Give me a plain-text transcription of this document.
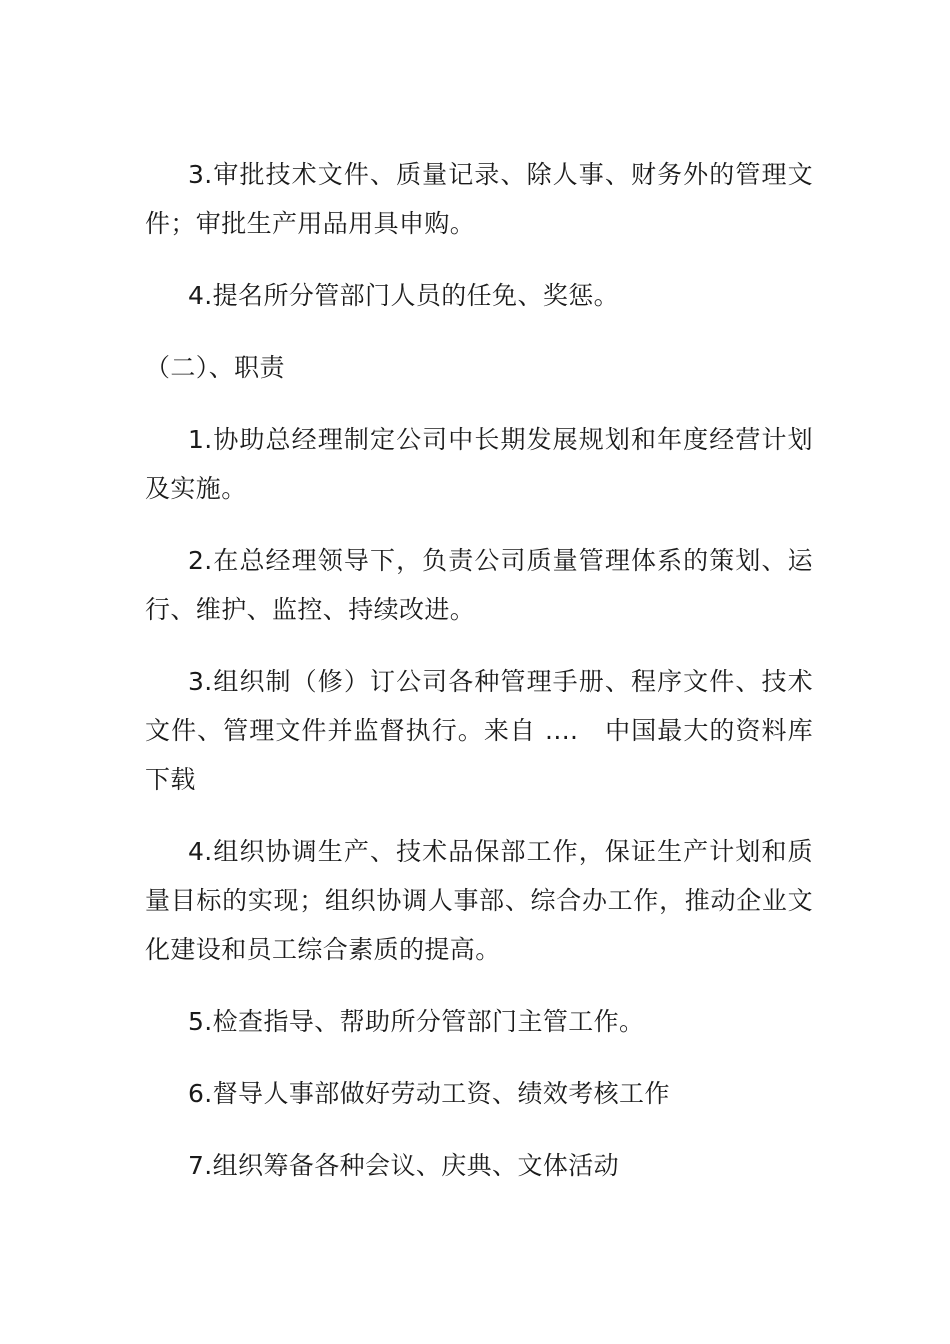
3.审批技术文件、质量记录、除人事、财务外的管理文件；审批生产用品用具申购。

4.提名所分管部门人员的任免、奖惩。

（二）、职责

1.协助总经理制定公司中长期发展规划和年度经营计划及实施。

2.在总经理领导下，负责公司质量管理体系的策划、运行、维护、监控、持续改进。

3.组织制（修）订公司各种管理手册、程序文件、技术文件、管理文件并监督执行。来自 ....　中国最大的资料库下载

4.组织协调生产、技术品保部工作，保证生产计划和质量目标的实现；组织协调人事部、综合办工作，推动企业文化建设和员工综合素质的提高。

5.检查指导、帮助所分管部门主管工作。

6.督导人事部做好劳动工资、绩效考核工作

7.组织筹备各种会议、庆典、文体活动
